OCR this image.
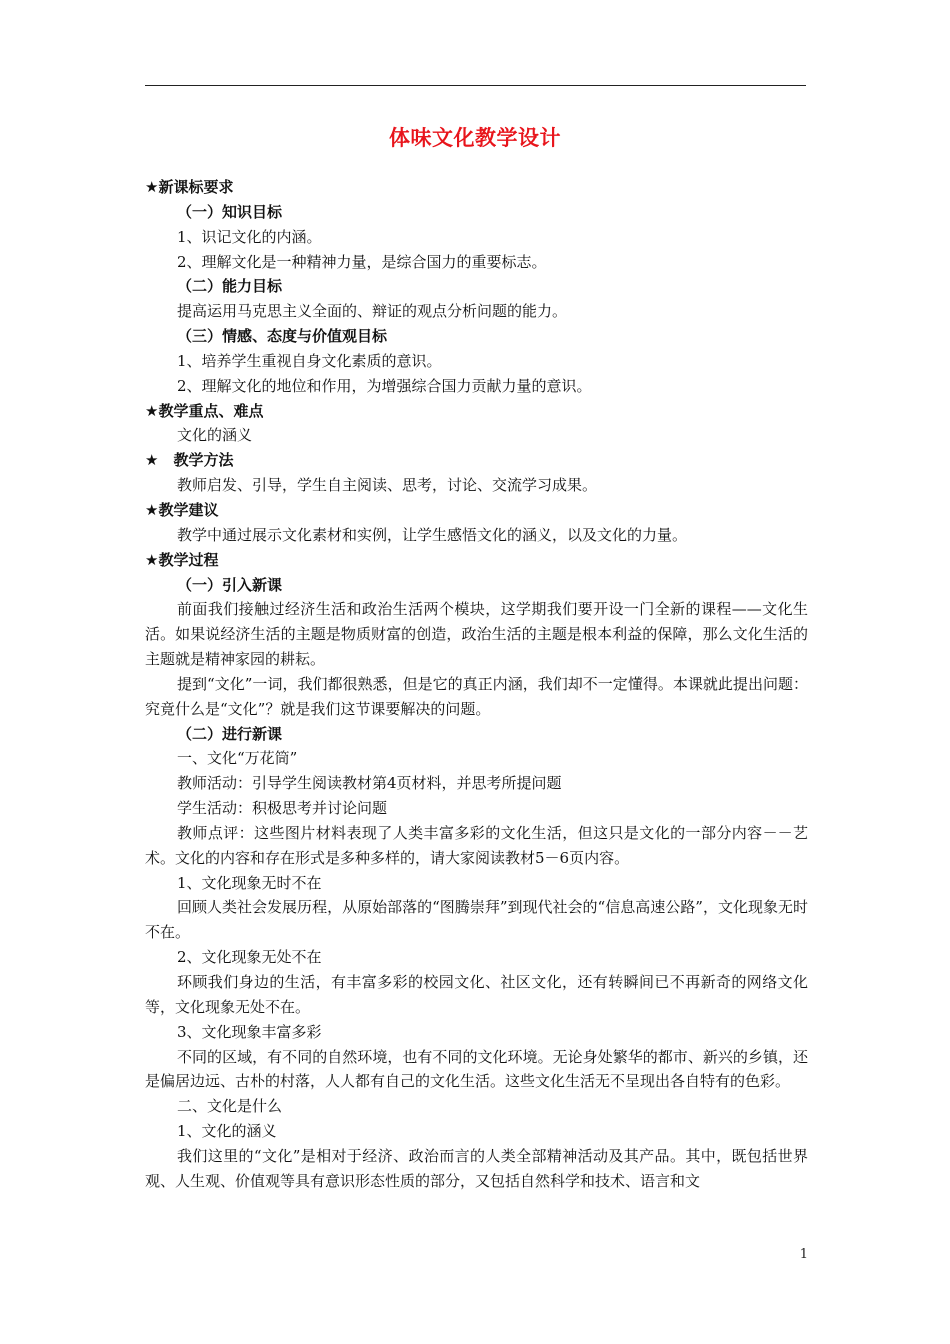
体味文化教学设计

★新课标要求

（一）知识目标

1、识记文化的内涵。

2、理解文化是一种精神力量，是综合国力的重要标志。

（二）能力目标

提高运用马克思主义全面的、辩证的观点分析问题的能力。

（三）情感、态度与价值观目标

1、培养学生重视自身文化素质的意识。

2、理解文化的地位和作用，为增强综合国力贡献力量的意识。

★教学重点、难点

文化的涵义

★　教学方法

教师启发、引导，学生自主阅读、思考，讨论、交流学习成果。

★教学建议

教学中通过展示文化素材和实例，让学生感悟文化的涵义，以及文化的力量。

★教学过程

（一）引入新课

前面我们接触过经济生活和政治生活两个模块，这学期我们要开设一门全新的课程——文化生活。如果说经济生活的主题是物质财富的创造，政治生活的主题是根本利益的保障，那么文化生活的主题就是精神家园的耕耘。

提到“文化”一词，我们都很熟悉，但是它的真正内涵，我们却不一定懂得。本课就此提出问题：究竟什么是“文化”？就是我们这节课要解决的问题。

（二）进行新课

一、文化“万花筒”

教师活动：引导学生阅读教材第4页材料，并思考所提问题

学生活动：积极思考并讨论问题

教师点评：这些图片材料表现了人类丰富多彩的文化生活，但这只是文化的一部分内容－－艺术。文化的内容和存在形式是多种多样的，请大家阅读教材5－6页内容。

1、文化现象无时不在

回顾人类社会发展历程，从原始部落的“图腾崇拜”到现代社会的“信息高速公路”，文化现象无时不在。

2、文化现象无处不在

环顾我们身边的生活，有丰富多彩的校园文化、社区文化，还有转瞬间已不再新奇的网络文化等，文化现象无处不在。

3、文化现象丰富多彩

不同的区域，有不同的自然环境，也有不同的文化环境。无论身处繁华的都市、新兴的乡镇，还是偏居边远、古朴的村落，人人都有自己的文化生活。这些文化生活无不呈现出各自特有的色彩。

二、文化是什么

1、文化的涵义

我们这里的“文化”是相对于经济、政治而言的人类全部精神活动及其产品。其中，既包括世界观、人生观、价值观等具有意识形态性质的部分，又包括自然科学和技术、语言和文

1
